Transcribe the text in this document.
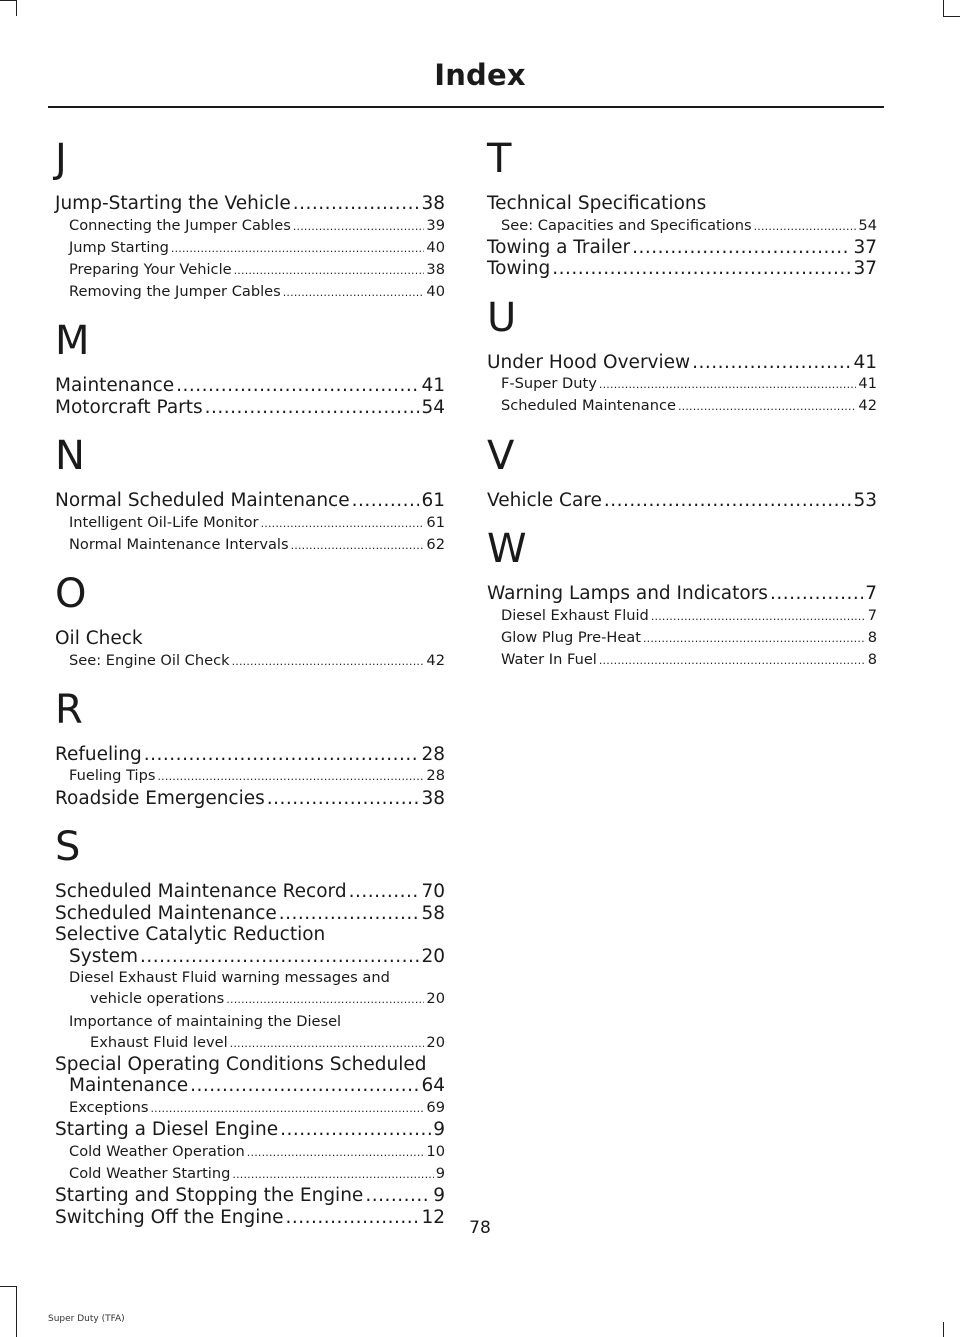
Index
J
Jump-Starting the Vehicle .....	38
Connecting the Jumper Cables .....	39
Jump Starting .....	40
Preparing Your Vehicle .....	38
Removing the Jumper Cables .....	40
M
Maintenance .....	41
Motorcraft Parts .....	54
N
Normal Scheduled Maintenance .....	61
Intelligent Oil-Life Monitor .....	61
Normal Maintenance Intervals .....	62
O
Oil Check
See: Engine Oil Check .....	42
R
Refueling .....	28
Fueling Tips .....	28
Roadside Emergencies .....	38
S
Scheduled Maintenance Record .....	70
Scheduled Maintenance .....	58
Selective Catalytic Reduction
System .....	20
Diesel Exhaust Fluid warning messages and
vehicle operations .....	20
Importance of maintaining the Diesel
Exhaust Fluid level .....	20
Special Operating Conditions Scheduled
Maintenance .....	64
Exceptions .....	69
Starting a Diesel Engine .....	9
Cold Weather Operation .....	10
Cold Weather Starting .....	9
Starting and Stopping the Engine .....	9
Switching Off the Engine .....	12
T
Technical Specifications
See: Capacities and Specifications .....	54
Towing a Trailer .....	37
Towing .....	37
U
Under Hood Overview .....	41
F-Super Duty .....	41
Scheduled Maintenance .....	42
V
Vehicle Care .....	53
W
Warning Lamps and Indicators .....	7
Diesel Exhaust Fluid .....	7
Glow Plug Pre-Heat .....	8
Water In Fuel .....	8
78
Super Duty (TFA)
